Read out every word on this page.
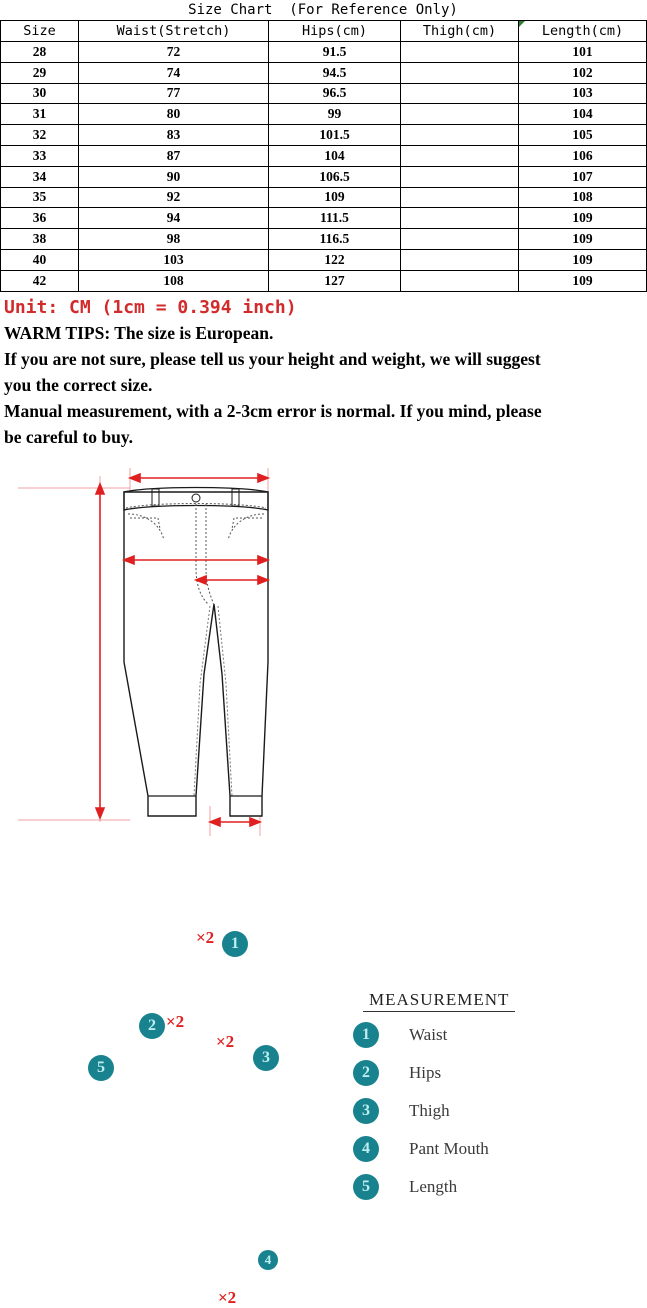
Size Chart  (For Reference Only)
Size	Waist(Stretch)	Hips(cm)	Thigh(cm)	Length(cm)
28	72	91.5		101
29	74	94.5		102
30	77	96.5		103
31	80	99		104
32	83	101.5		105
33	87	104		106
34	90	106.5		107
35	92	109		108
36	94	111.5		109
38	98	116.5		109
40	103	122		109
42	108	127		109
Unit: CM (1cm = 0.394 inch)
WARM TIPS: The size is European.
If you are not sure, please tell us your height and weight, we will suggest
you the correct size.
Manual measurement, with a 2-3cm error is normal. If you mind, please
be careful to buy.
×2
×2
×2
×2
1
2
3
4
5
MEASUREMENT
1	Waist
2	Hips
3	Thigh
4	Pant Mouth
5	Length
